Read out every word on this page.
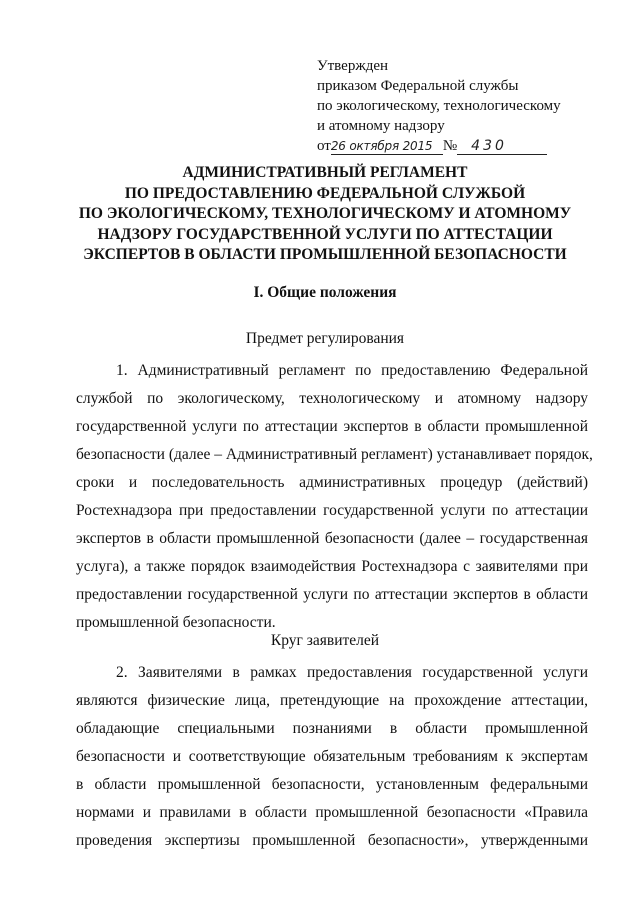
Утвержден
приказом Федеральной службы
по экологическому, технологическому
и атомному надзору
от26 октября 2015 № 430
АДМИНИСТРАТИВНЫЙ РЕГЛАМЕНТ
ПО ПРЕДОСТАВЛЕНИЮ ФЕДЕРАЛЬНОЙ СЛУЖБОЙ
ПО ЭКОЛОГИЧЕСКОМУ, ТЕХНОЛОГИЧЕСКОМУ И АТОМНОМУ
НАДЗОРУ ГОСУДАРСТВЕННОЙ УСЛУГИ ПО АТТЕСТАЦИИ
ЭКСПЕРТОВ В ОБЛАСТИ ПРОМЫШЛЕННОЙ БЕЗОПАСНОСТИ
I. Общие положения
Предмет регулирования
1. Административный регламент по предоставлению Федеральной
службой по экологическому, технологическому и атомному надзору
государственной услуги по аттестации экспертов в области промышленной
безопасности (далее – Административный регламент) устанавливает порядок,
сроки и последовательность административных процедур (действий)
Ростехнадзора при предоставлении государственной услуги по аттестации
экспертов в области промышленной безопасности (далее – государственная
услуга), а также порядок взаимодействия Ростехнадзора с заявителями при
предоставлении государственной услуги по аттестации экспертов в области
промышленной безопасности.
Круг заявителей
2. Заявителями в рамках предоставления государственной услуги
являются физические лица, претендующие на прохождение аттестации,
обладающие специальными познаниями в области промышленной
безопасности и соответствующие обязательным требованиям к экспертам
в области промышленной безопасности, установленным федеральными
нормами и правилами в области промышленной безопасности «Правила
проведения экспертизы промышленной безопасности», утвержденными
